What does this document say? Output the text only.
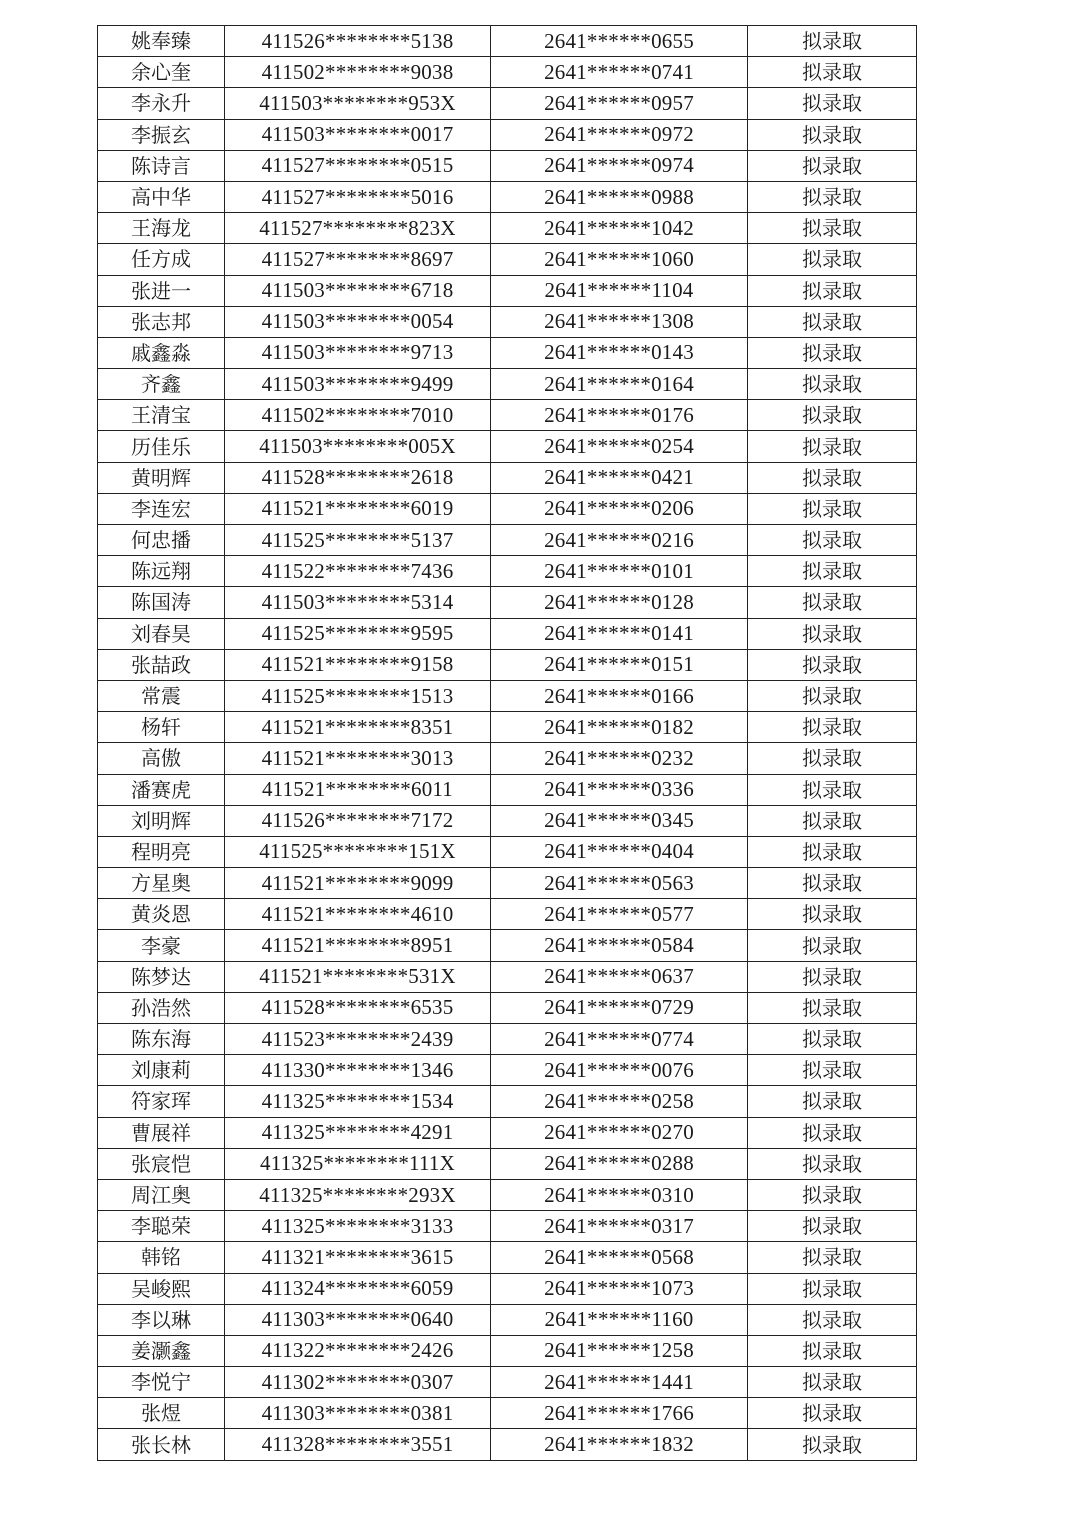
姚奉臻	411526********5138	2641******0655	拟录取
余心奎	411502********9038	2641******0741	拟录取
李永升	411503********953X	2641******0957	拟录取
李振玄	411503********0017	2641******0972	拟录取
陈诗言	411527********0515	2641******0974	拟录取
高中华	411527********5016	2641******0988	拟录取
王海龙	411527********823X	2641******1042	拟录取
任方成	411527********8697	2641******1060	拟录取
张进一	411503********6718	2641******1104	拟录取
张志邦	411503********0054	2641******1308	拟录取
戚鑫淼	411503********9713	2641******0143	拟录取
齐鑫	411503********9499	2641******0164	拟录取
王清宝	411502********7010	2641******0176	拟录取
历佳乐	411503********005X	2641******0254	拟录取
黄明辉	411528********2618	2641******0421	拟录取
李连宏	411521********6019	2641******0206	拟录取
何忠播	411525********5137	2641******0216	拟录取
陈远翔	411522********7436	2641******0101	拟录取
陈国涛	411503********5314	2641******0128	拟录取
刘春昊	411525********9595	2641******0141	拟录取
张喆政	411521********9158	2641******0151	拟录取
常震	411525********1513	2641******0166	拟录取
杨轩	411521********8351	2641******0182	拟录取
高傲	411521********3013	2641******0232	拟录取
潘赛虎	411521********6011	2641******0336	拟录取
刘明辉	411526********7172	2641******0345	拟录取
程明亮	411525********151X	2641******0404	拟录取
方星奥	411521********9099	2641******0563	拟录取
黄炎恩	411521********4610	2641******0577	拟录取
李豪	411521********8951	2641******0584	拟录取
陈梦达	411521********531X	2641******0637	拟录取
孙浩然	411528********6535	2641******0729	拟录取
陈东海	411523********2439	2641******0774	拟录取
刘康莉	411330********1346	2641******0076	拟录取
符家珲	411325********1534	2641******0258	拟录取
曹展祥	411325********4291	2641******0270	拟录取
张宸恺	411325********111X	2641******0288	拟录取
周江奥	411325********293X	2641******0310	拟录取
李聪荣	411325********3133	2641******0317	拟录取
韩铭	411321********3615	2641******0568	拟录取
吴峻熙	411324********6059	2641******1073	拟录取
李以琳	411303********0640	2641******1160	拟录取
姜灏鑫	411322********2426	2641******1258	拟录取
李悦宁	411302********0307	2641******1441	拟录取
张煜	411303********0381	2641******1766	拟录取
张长林	411328********3551	2641******1832	拟录取
